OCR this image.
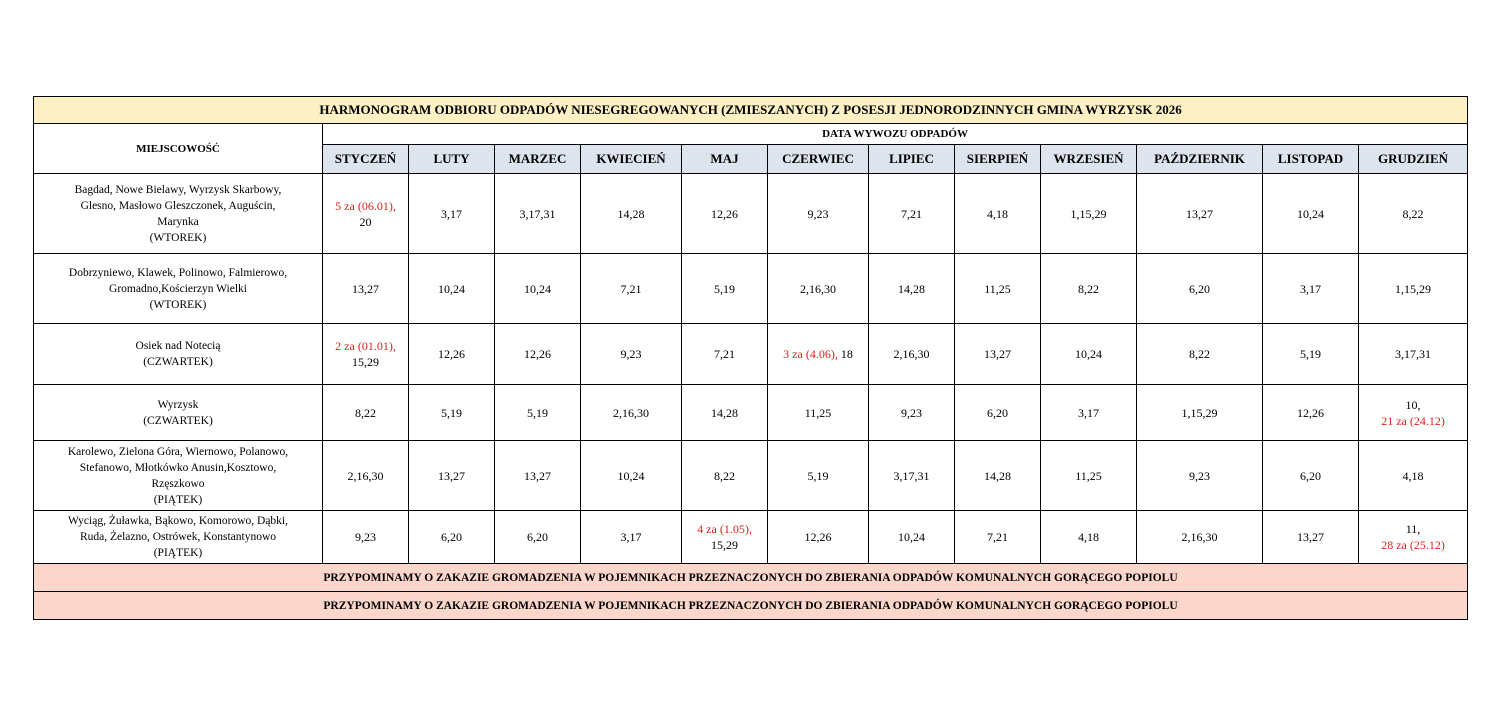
HARMONOGRAM ODBIORU ODPADÓW NIESEGREGOWANYCH (ZMIESZANYCH) Z POSESJI JEDNORODZINNYCH GMINA WYRZYSK 2026												
MIEJSCOWOŚĆ	DATA WYWOZU ODPADÓW											
	STYCZEŃ	LUTY	MARZEC	KWIECIEŃ	MAJ	CZERWIEC	LIPIEC	SIERPIEŃ	WRZESIEŃ	PAŹDZIERNIK	LISTOPAD	GRUDZIEŃ

Bagdad, Nowe Bielawy, Wyrzysk Skarbowy,
Glesno, Masłowo Gleszczonek, Auguścin,
Marynka
(WTOREK)	5 za (06.01),
20	3,17	3,17,31	14,28	12,26	9,23	7,21	4,18	1,15,29	13,27	10,24	8,22

Dobrzyniewo, Klawek, Polinowo, Falmierowo,
Gromadno,Kościerzyn Wielki
(WTOREK)	13,27	10,24	10,24	7,21	5,19	2,16,30	14,28	11,25	8,22	6,20	3,17	1,15,29

Osiek nad Notecią
(CZWARTEK)	2 za (01.01),
15,29	12,26	12,26	9,23	7,21	3 za (4.06), 18	2,16,30	13,27	10,24	8,22	5,19	3,17,31

Wyrzysk
(CZWARTEK)	8,22	5,19	5,19	2,16,30	14,28	11,25	9,23	6,20	3,17	1,15,29	12,26	10,
21 za (24.12)

Karolewo, Zielona Góra, Wiernowo, Polanowo,
Stefanowo, Młotkówko Anusin,Kosztowo,
Rzęszkowo
(PIĄTEK)	2,16,30	13,27	13,27	10,24	8,22	5,19	3,17,31	14,28	11,25	9,23	6,20	4,18

Wyciąg, Żuławka, Bąkowo, Komorowo, Dąbki,
Ruda, Żelazno, Ostrówek, Konstantynowo
(PIĄTEK)	9,23	6,20	6,20	3,17	4 za (1.05),
15,29	12,26	10,24	7,21	4,18	2,16,30	13,27	11,
28 za (25.12)

PRZYPOMINAMY O ZAKAZIE GROMADZENIA W POJEMNIKACH PRZEZNACZONYCH DO ZBIERANIA ODPADÓW KOMUNALNYCH GORĄCEGO POPIOLU												
PRZYPOMINAMY O ZAKAZIE GROMADZENIA W POJEMNIKACH PRZEZNACZONYCH DO ZBIERANIA ODPADÓW KOMUNALNYCH GORĄCEGO POPIOLU												
